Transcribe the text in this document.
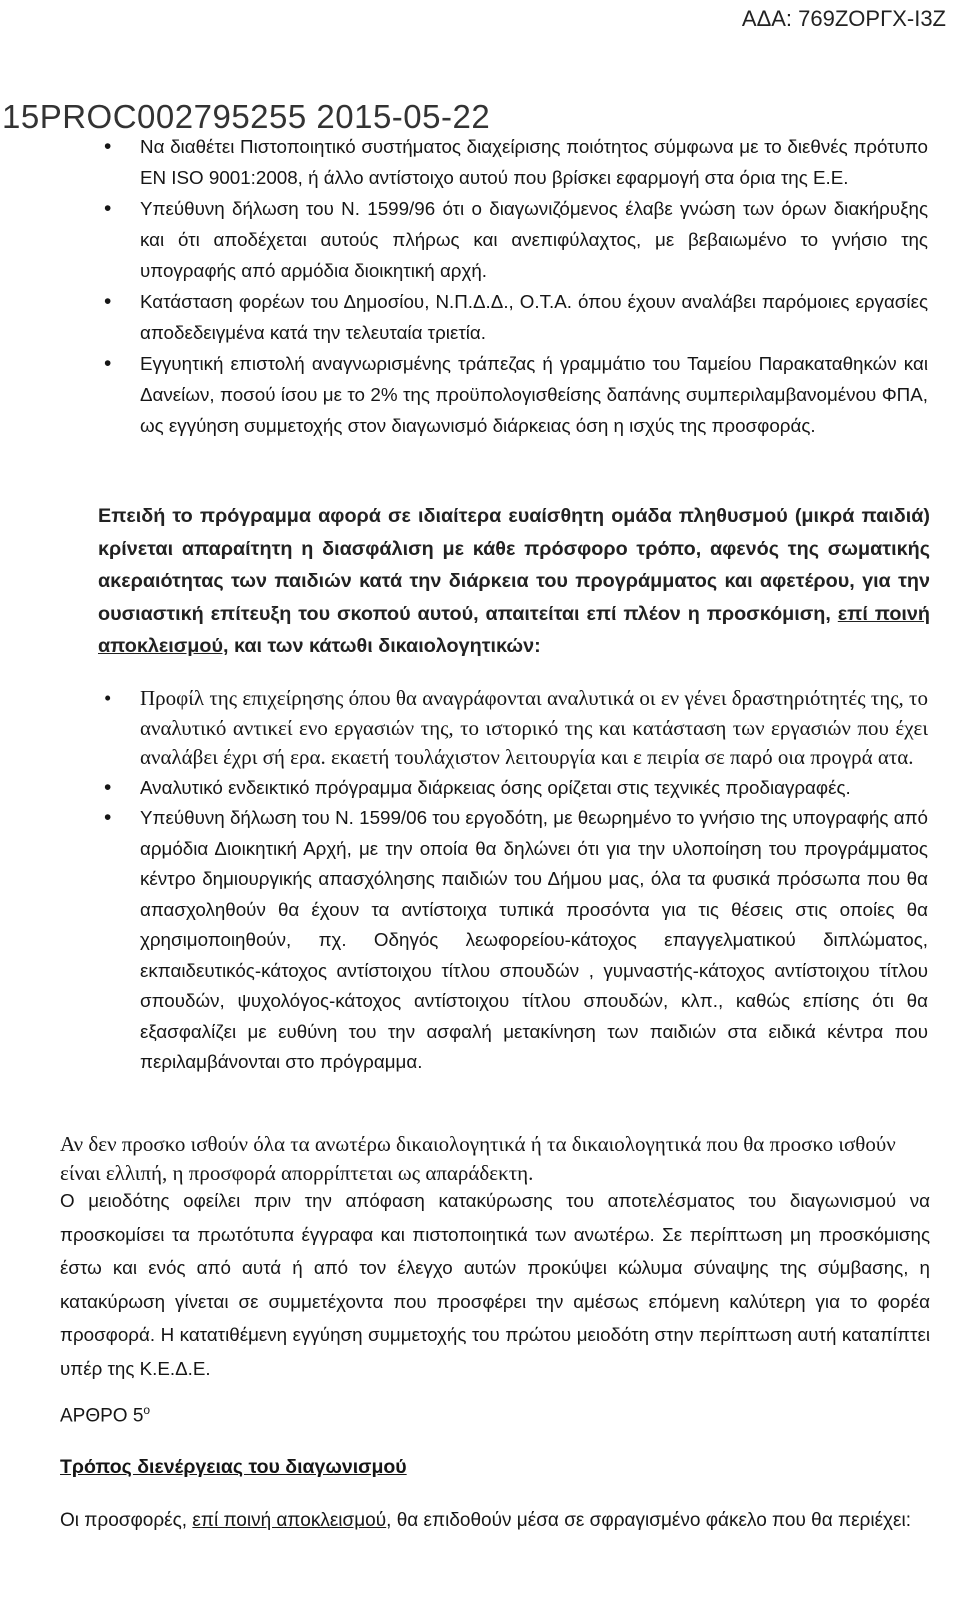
ΑΔΑ: 769ΖΟΡΓΧ-Ι3Ζ
15PROC002795255 2015-05-22
• Να διαθέτει Πιστοποιητικό συστήματος διαχείρισης ποιότητος σύμφωνα με το διεθνές πρότυπο EN ISO 9001:2008, ή άλλο αντίστοιχο αυτού που βρίσκει εφαρμογή στα όρια της Ε.Ε.
• Υπεύθυνη δήλωση του Ν. 1599/96 ότι ο διαγωνιζόμενος έλαβε γνώση των όρων διακήρυξης και ότι αποδέχεται αυτούς πλήρως και ανεπιφύλαχτος, με βεβαιωμένο το γνήσιο της υπογραφής από αρμόδια διοικητική αρχή.
• Κατάσταση φορέων του Δημοσίου, Ν.Π.Δ.Δ., Ο.Τ.Α. όπου έχουν αναλάβει παρόμοιες εργασίες αποδεδειγμένα κατά την τελευταία τριετία.
• Εγγυητική επιστολή αναγνωρισμένης τράπεζας ή γραμμάτιο του Ταμείου Παρακαταθηκών και Δανείων, ποσού ίσου με το 2% της προϋπολογισθείσης δαπάνης συμπεριλαμβανομένου ΦΠΑ, ως εγγύηση συμμετοχής στον διαγωνισμό διάρκειας όση η ισχύς της προσφοράς.
Επειδή το πρόγραμμα αφορά σε ιδιαίτερα ευαίσθητη ομάδα πληθυσμού (μικρά παιδιά) κρίνεται απαραίτητη η διασφάλιση με κάθε πρόσφορο τρόπο, αφενός της σωματικής ακεραιότητας των παιδιών κατά την διάρκεια του προγράμματος και αφετέρου, για την ουσιαστική επίτευξη του σκοπού αυτού, απαιτείται επί πλέον η προσκόμιση, επί ποινή αποκλεισμού, και των κάτωθι δικαιολογητικών:
• Προφίλ της επιχείρησης όπου θα αναγράφονται αναλυτικά οι εν γένει δραστηριότητές της, το αναλυτικό αντικεί ενο εργασιών της, το ιστορικό της και κατάσταση των εργασιών που έχει αναλάβει έχρι σή ερα. εκαετή τουλάχιστον λειτουργία και ε πειρία σε παρό οια προγρά ατα.
• Αναλυτικό ενδεικτικό πρόγραμμα διάρκειας όσης ορίζεται στις τεχνικές προδιαγραφές.
• Υπεύθυνη δήλωση του Ν. 1599/06 του εργοδότη, με θεωρημένο το γνήσιο της υπογραφής από αρμόδια Διοικητική Αρχή, με την οποία θα δηλώνει ότι για την υλοποίηση του προγράμματος κέντρο δημιουργικής απασχόλησης παιδιών του Δήμου μας, όλα τα φυσικά πρόσωπα που θα απασχοληθούν θα έχουν τα αντίστοιχα τυπικά προσόντα για τις θέσεις στις οποίες θα χρησιμοποιηθούν, πχ. Οδηγός λεωφορείου-κάτοχος επαγγελματικού διπλώματος, εκπαιδευτικός-κάτοχος αντίστοιχου τίτλου σπουδών , γυμναστής-κάτοχος αντίστοιχου τίτλου σπουδών, ψυχολόγος-κάτοχος αντίστοιχου τίτλου σπουδών, κλπ., καθώς επίσης ότι θα εξασφαλίζει με ευθύνη του την ασφαλή μετακίνηση των παιδιών στα ειδικά κέντρα που περιλαμβάνονται στο πρόγραμμα.
Αν δεν προσκο ισθούν όλα τα ανωτέρω δικαιολογητικά ή τα δικαιολογητικά που θα προσκο ισθούν είναι ελλιπή, η προσφορά απορρίπτεται ως απαράδεκτη.
Ο μειοδότης οφείλει πριν την απόφαση κατακύρωσης του αποτελέσματος του διαγωνισμού να προσκομίσει τα πρωτότυπα έγγραφα και πιστοποιητικά των ανωτέρω. Σε περίπτωση μη προσκόμισης έστω και ενός από αυτά ή από τον έλεγχο αυτών προκύψει κώλυμα σύναψης της σύμβασης, η κατακύρωση γίνεται σε συμμετέχοντα που προσφέρει την αμέσως επόμενη καλύτερη για το φορέα προσφορά. Η κατατιθέμενη εγγύηση συμμετοχής του πρώτου μειοδότη στην περίπτωση αυτή καταπίπτει υπέρ της Κ.Ε.Δ.Ε.
ΑΡΘΡΟ $5^o$
Τρόπος διενέργειας του διαγωνισμού
Οι προσφορές, επί ποινή αποκλεισμού, θα επιδοθούν μέσα σε σφραγισμένο φάκελο που θα περιέχει:
